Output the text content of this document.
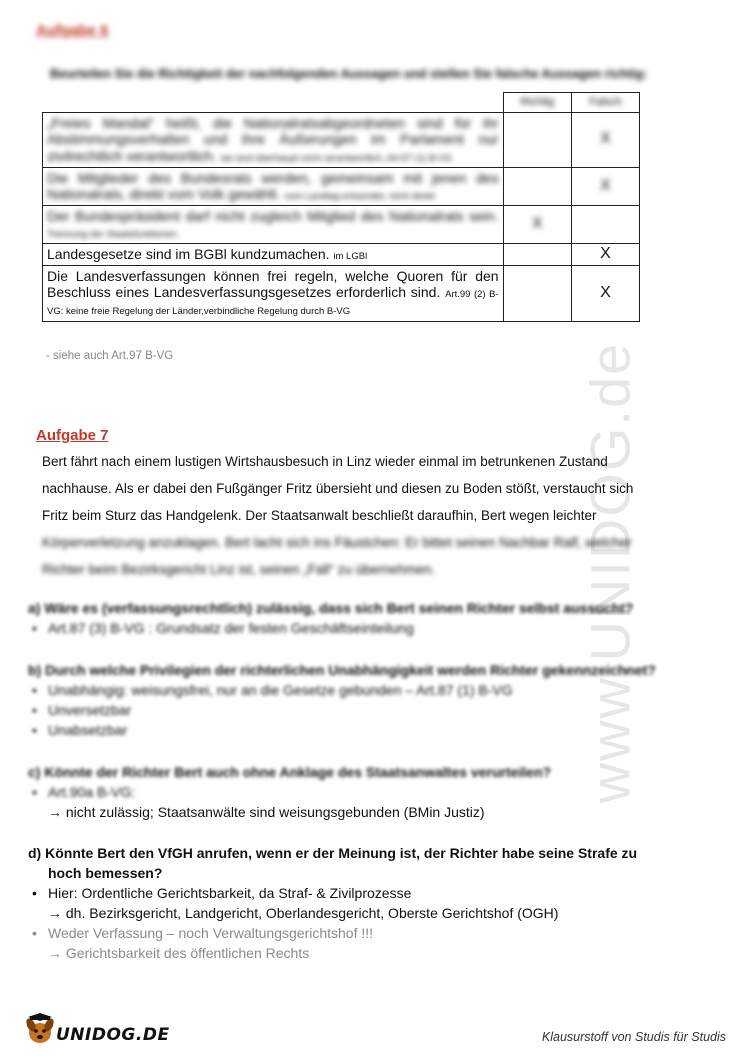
www.UNIDOG.de
Aufgabe 6
Beurteilen Sie die Richtigkeit der nachfolgenden Aussagen und stellen Sie falsche Aussagen richtig:
	Richtig	Falsch
„Freies Mandat“ heißt, die Nationalratsabgeordneten sind für ihr Abstimmungsverhalten und ihre Äußerungen im Parlament nur zivilrechtlich verantwortlich. sie sind überhaupt nicht verantwortlich, Art.57 (1) B-VG		X
Die Mitglieder des Bundesrats werden, gemeinsam mit jenen des Nationalrats, direkt vom Volk gewählt. vom Landtag entsendet, nicht direkt		X
Der Bundespräsident darf nicht zugleich Mitglied des Nationalrats sein. Trennung der Staatsfunktionen	X	
Landesgesetze sind im BGBl kundzumachen. im LGBl		X
Die Landesverfassungen können frei regeln, welche Quoren für den Beschluss eines Landesverfassungsgesetzes erforderlich sind. Art.99 (2) B-VG: keine freie Regelung der Länder,verbindliche Regelung durch B-VG		X
- siehe auch Art.97 B-VG
Aufgabe 7
Bert fährt nach einem lustigen Wirtshausbesuch in Linz wieder einmal im betrunkenen Zustand
nachhause. Als er dabei den Fußgänger Fritz übersieht und diesen zu Boden stößt, verstaucht sich
Fritz beim Sturz das Handgelenk. Der Staatsanwalt beschließt daraufhin, Bert wegen leichter
Körperverletzung anzuklagen. Bert lacht sich ins Fäustchen: Er bittet seinen Nachbar Ralf, welcher
Richter beim Bezirksgericht Linz ist, seinen „Fall“ zu übernehmen.
a) Wäre es (verfassungsrechtlich) zulässig, dass sich Bert seinen Richter selbst aussucht?
• Art.87 (3) B-VG : Grundsatz der festen Geschäftseinteilung
b) Durch welche Privilegien der richterlichen Unabhängigkeit werden Richter gekennzeichnet?
• Unabhängig: weisungsfrei, nur an die Gesetze gebunden – Art.87 (1) B-VG
• Unversetzbar
• Unabsetzbar
c) Könnte der Richter Bert auch ohne Anklage des Staatsanwaltes verurteilen?
• Art.90a B-VG:
→ nicht zulässig; Staatsanwälte sind weisungsgebunden (BMin Justiz)
d) Könnte Bert den VfGH anrufen, wenn er der Meinung ist, der Richter habe seine Strafe zu
hoch bemessen?
• Hier: Ordentliche Gerichtsbarkeit, da Straf- & Zivilprozesse
→ dh. Bezirksgericht, Landgericht, Oberlandesgericht, Oberste Gerichtshof (OGH)
• Weder Verfassung – noch Verwaltungsgerichtshof !!!
→ Gerichtsbarkeit des öffentlichen Rechts
UNIDOG.DE	Klausurstoff von Studis für Studis
